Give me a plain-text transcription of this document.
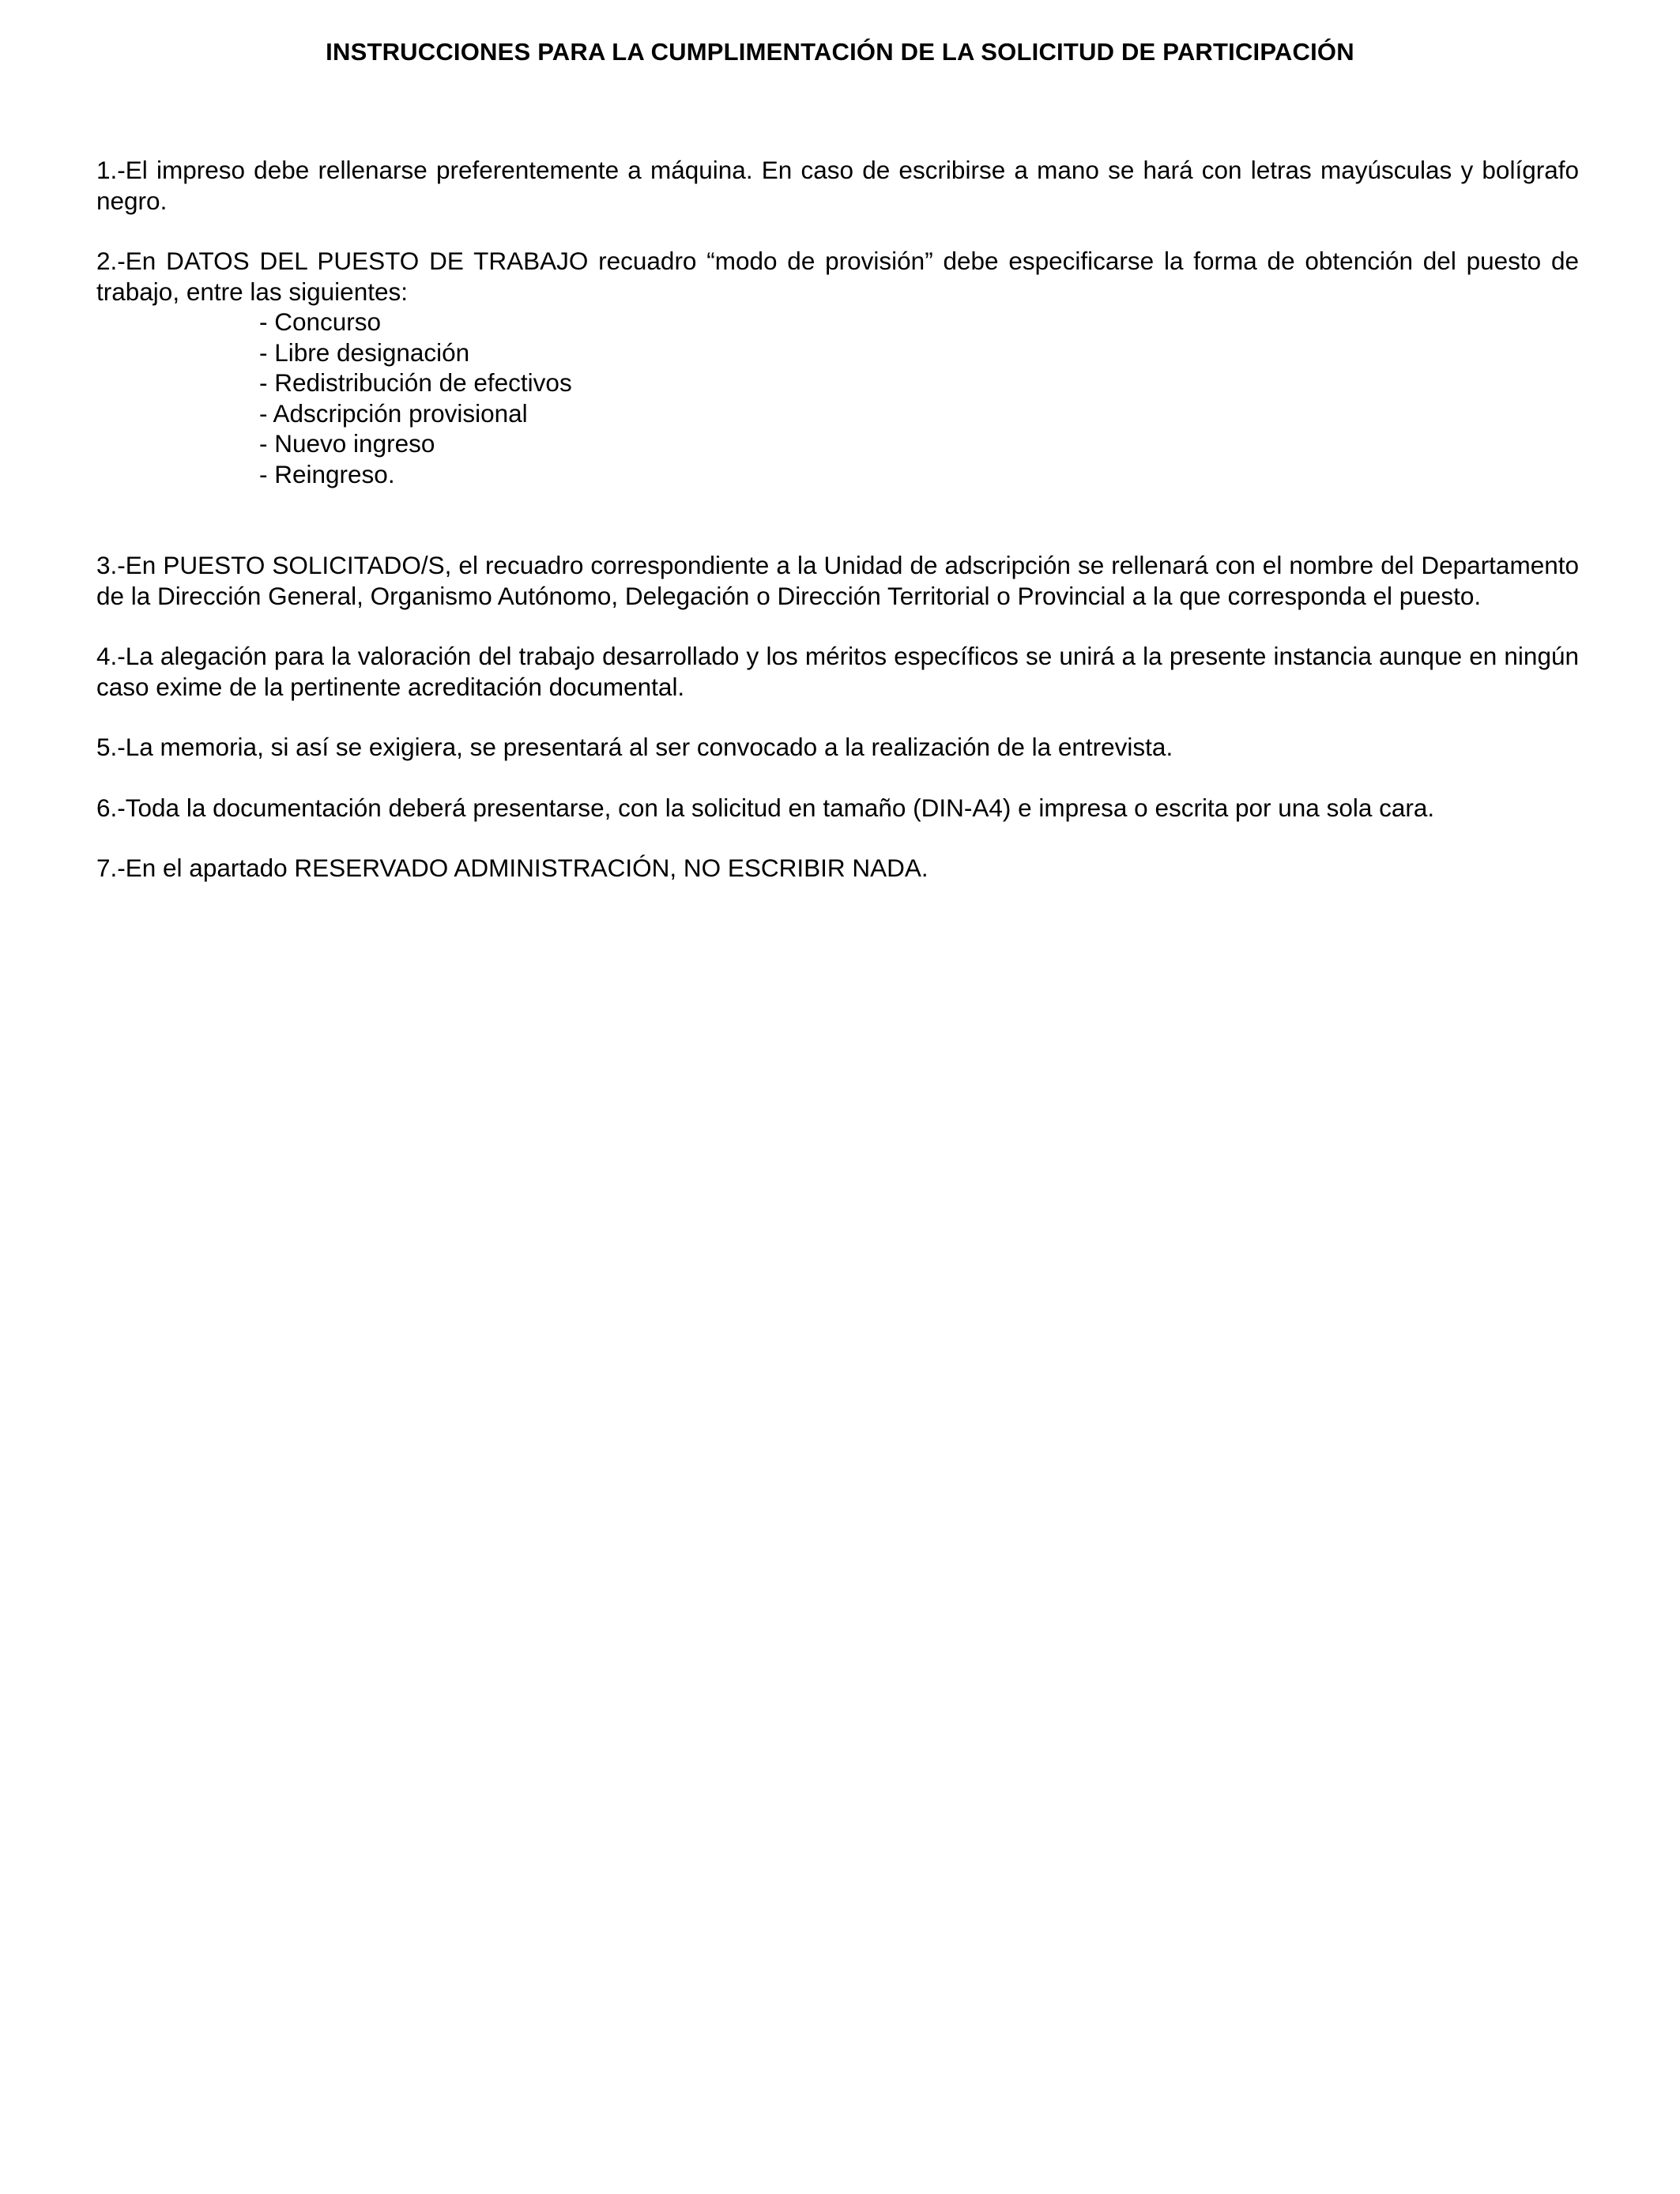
INSTRUCCIONES PARA LA CUMPLIMENTACIÓN DE LA SOLICITUD DE PARTICIPACIÓN

1.-El impreso debe rellenarse preferentemente a máquina. En caso de escribirse a mano se hará con letras mayúsculas y bolígrafo negro.

2.-En DATOS DEL PUESTO DE TRABAJO recuadro “modo de provisión” debe especificarse la forma de obtención del puesto de trabajo, entre las siguientes:

- Concurso
- Libre designación
- Redistribución de efectivos
- Adscripción provisional
- Nuevo ingreso
- Reingreso.

3.-En PUESTO SOLICITADO/S, el recuadro correspondiente a la Unidad de adscripción se rellenará con el nombre del Departamento de la Dirección General, Organismo Autónomo, Delegación o Dirección Territorial o Provincial a la que corresponda el puesto.

4.-La alegación para la valoración del trabajo desarrollado y los méritos específicos se unirá a la presente instancia aunque en ningún caso exime de la pertinente acreditación documental.

5.-La memoria, si así se exigiera, se presentará al ser convocado a la realización de la entrevista.

6.-Toda la documentación deberá presentarse, con la solicitud en tamaño (DIN-A4) e impresa o escrita por una sola cara.

7.-En el apartado RESERVADO ADMINISTRACIÓN, NO ESCRIBIR NADA.
